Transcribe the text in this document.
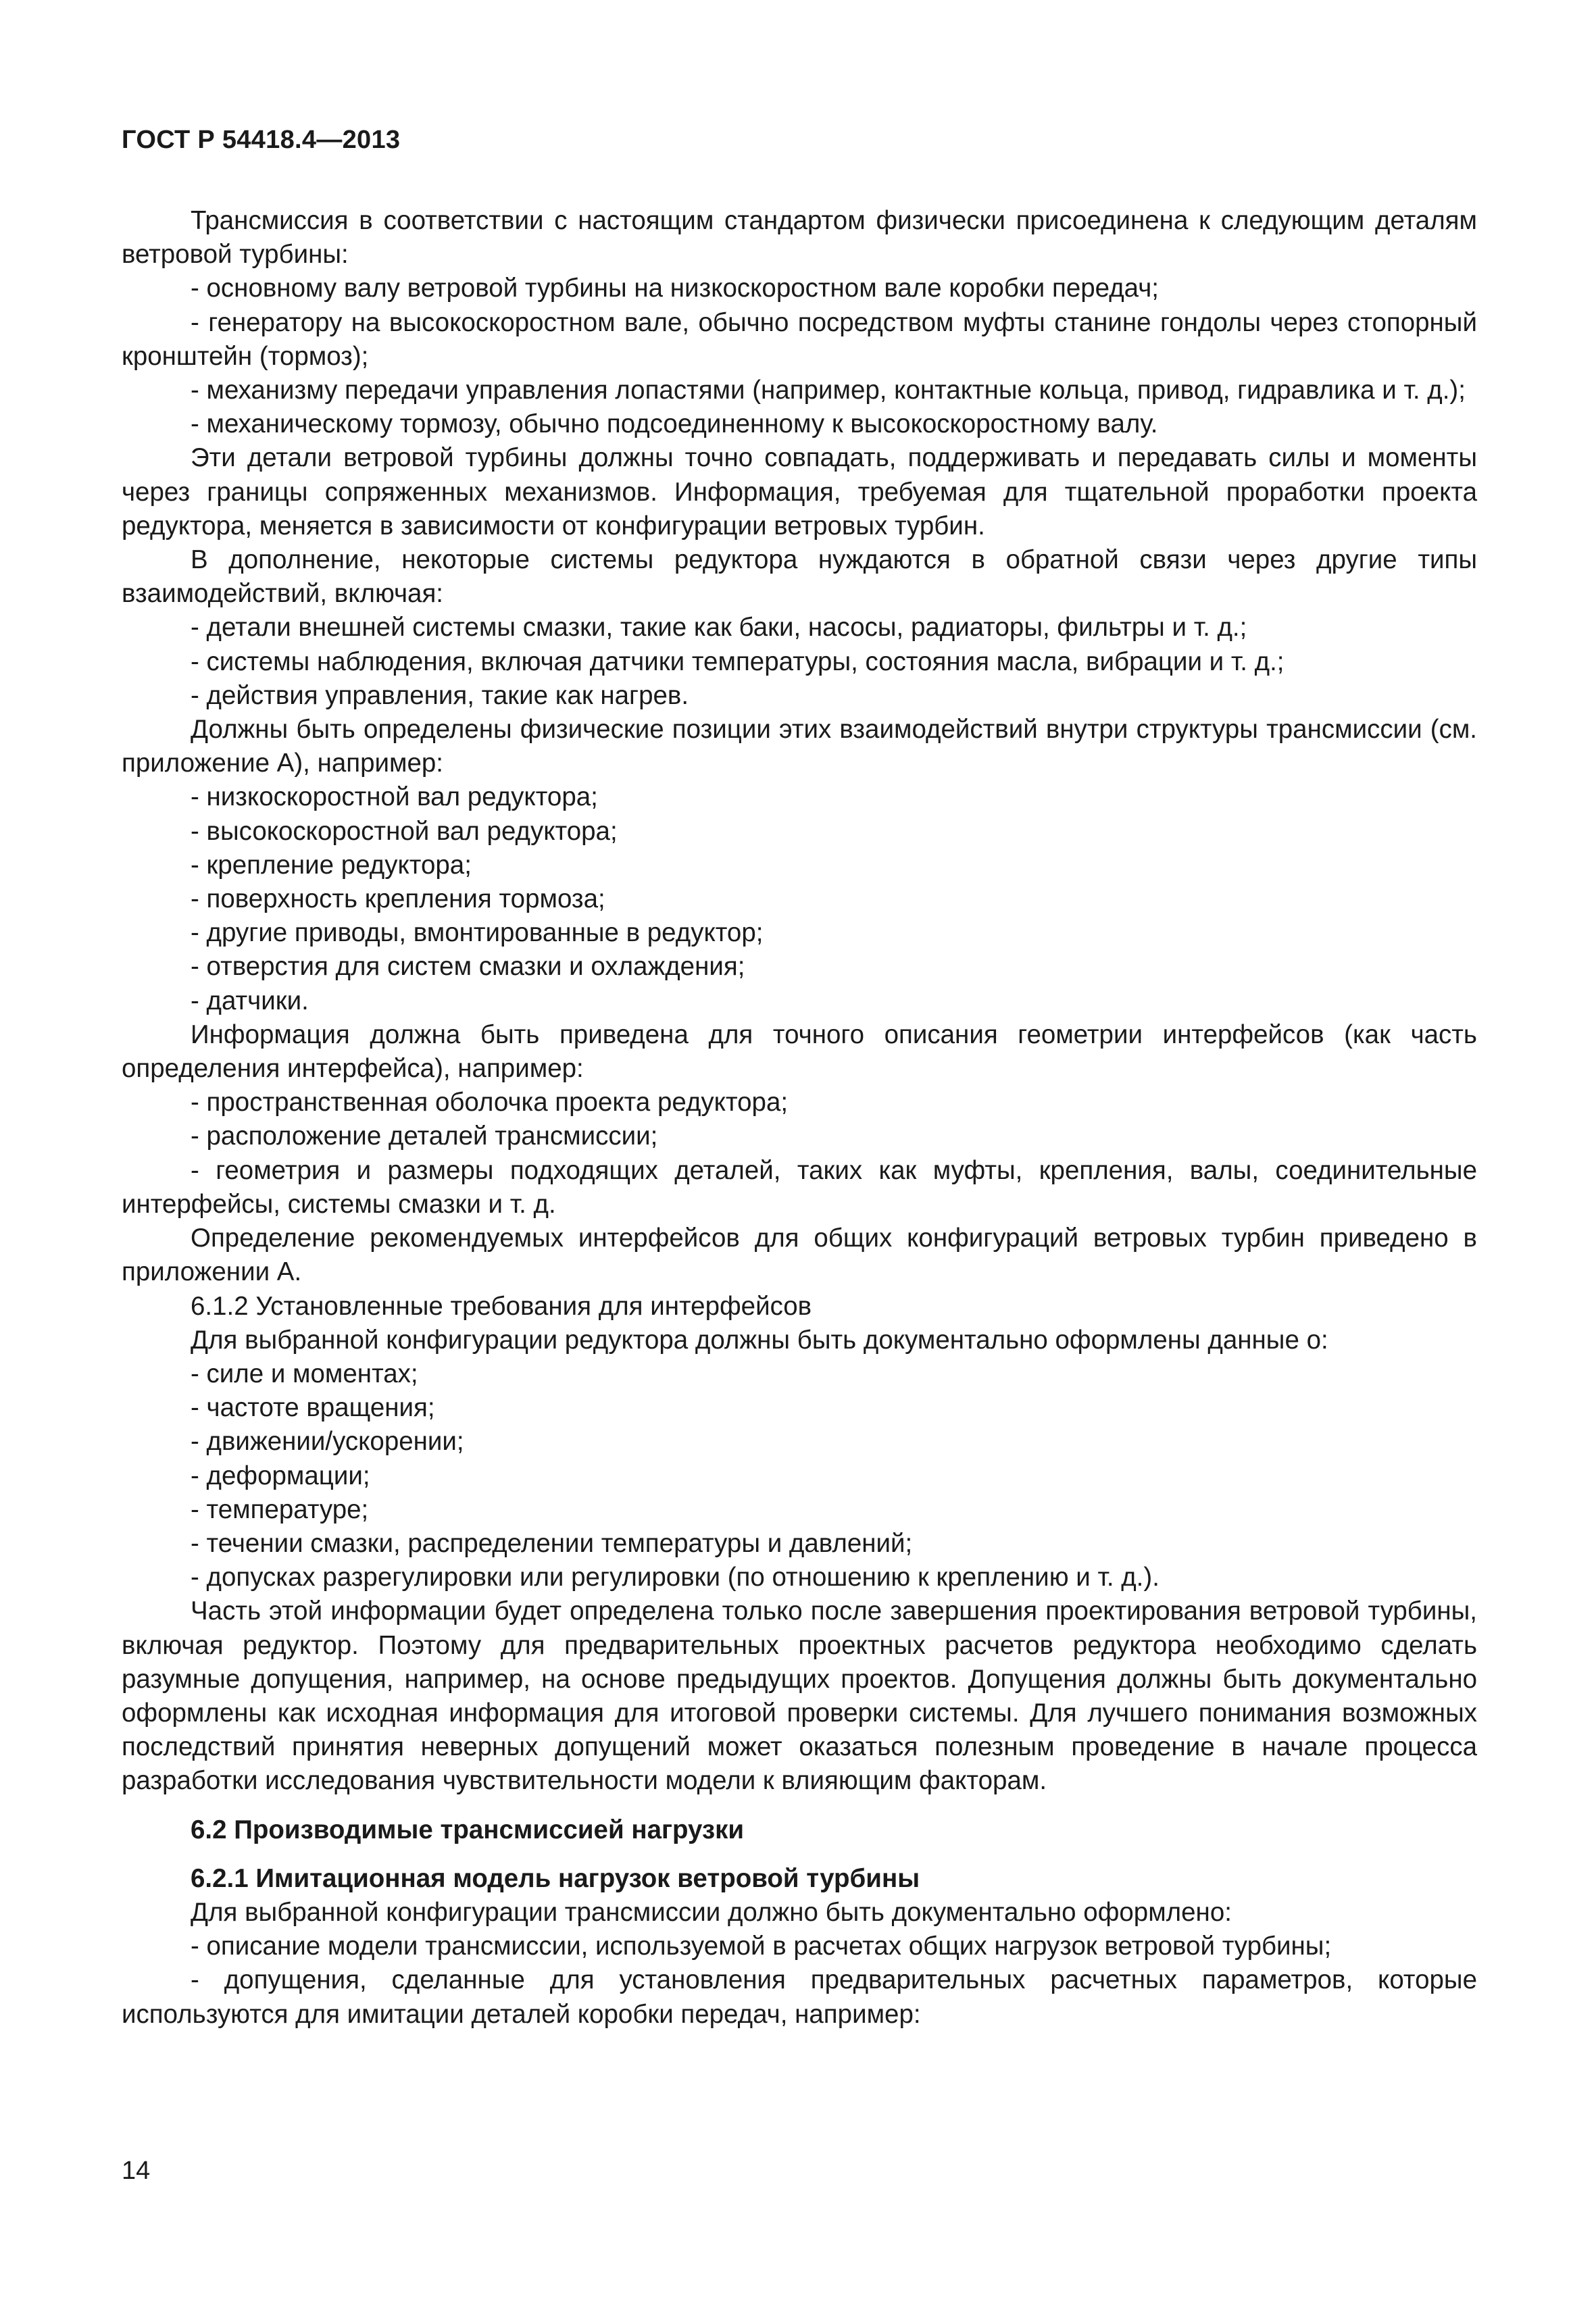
ГОСТ Р 54418.4—2013

Трансмиссия в соответствии с настоящим стандартом физически присоединена к следующим деталям ветровой турбины:

- основному валу ветровой турбины на низкоскоростном вале коробки передач;

- генератору на высокоскоростном вале, обычно посредством муфты станине гондолы через стопорный кронштейн (тормоз);

- механизму передачи управления лопастями (например, контактные кольца, привод, гидравлика и т. д.);

- механическому тормозу, обычно подсоединенному к высокоскоростному валу.

Эти детали ветровой турбины должны точно совпадать, поддерживать и передавать силы и моменты через границы сопряженных механизмов. Информация, требуемая для тщательной проработки проекта редуктора, меняется в зависимости от конфигурации ветровых турбин.

В дополнение, некоторые системы редуктора нуждаются в обратной связи через другие типы взаимодействий, включая:

- детали внешней системы смазки, такие как баки, насосы, радиаторы, фильтры и т. д.;

- системы наблюдения, включая датчики температуры, состояния масла, вибрации и т. д.;

- действия управления, такие как нагрев.

Должны быть определены физические позиции этих взаимодействий внутри структуры трансмиссии (см. приложение А), например:

- низкоскоростной вал редуктора;

- высокоскоростной вал редуктора;

- крепление редуктора;

- поверхность крепления тормоза;

- другие приводы, вмонтированные в редуктор;

- отверстия для систем смазки и охлаждения;

- датчики.

Информация должна быть приведена для точного описания геометрии интерфейсов (как часть определения интерфейса), например:

- пространственная оболочка проекта редуктора;

- расположение деталей трансмиссии;

- геометрия и размеры подходящих деталей, таких как муфты, крепления, валы, соединительные интерфейсы, системы смазки и т. д.

Определение рекомендуемых интерфейсов для общих конфигураций ветровых турбин приведено в приложении А.

6.1.2 Установленные требования для интерфейсов

Для выбранной конфигурации редуктора должны быть документально оформлены данные о:

- силе и моментах;

- частоте вращения;

- движении/ускорении;

- деформации;

- температуре;

- течении смазки, распределении температуры и давлений;

- допусках разрегулировки или регулировки (по отношению к креплению и т. д.).

Часть этой информации будет определена только после завершения проектирования ветровой турбины, включая редуктор. Поэтому для предварительных проектных расчетов редуктора необходимо сделать разумные допущения, например, на основе предыдущих проектов. Допущения должны быть документально оформлены как исходная информация для итоговой проверки системы. Для лучшего понимания возможных последствий принятия неверных допущений может оказаться полезным проведение в начале процесса разработки исследования чувствительности модели к влияющим факторам.

6.2 Производимые трансмиссией нагрузки

6.2.1 Имитационная модель нагрузок ветровой турбины

Для выбранной конфигурации трансмиссии должно быть документально оформлено:

- описание модели трансмиссии, используемой в расчетах общих нагрузок ветровой турбины;

- допущения, сделанные для установления предварительных расчетных параметров, которые используются для имитации деталей коробки передач, например:

14
